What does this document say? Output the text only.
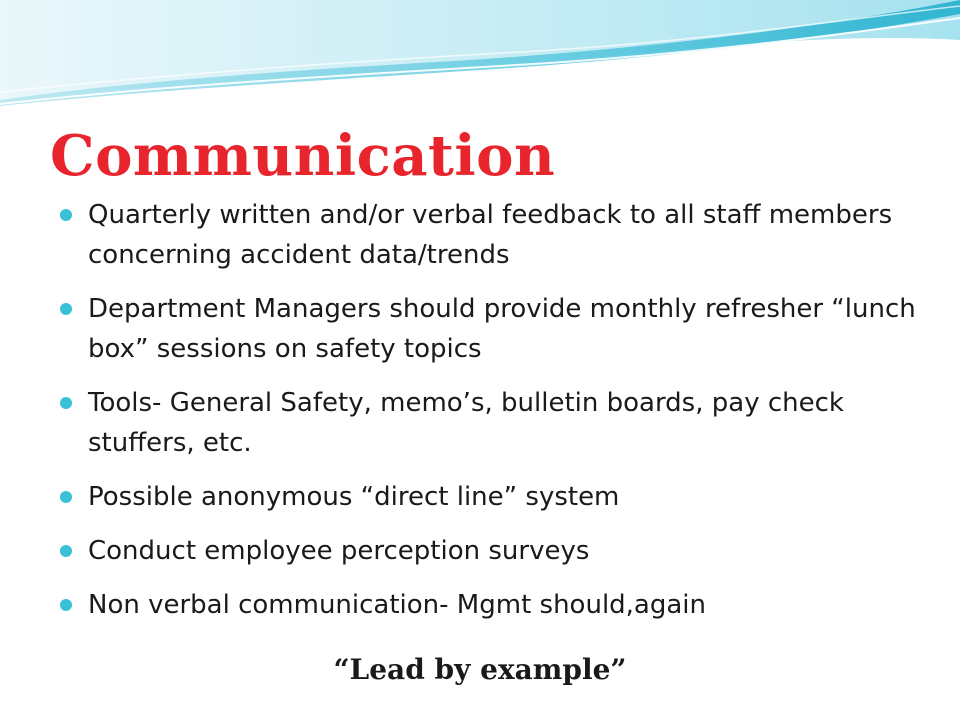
Communication
Quarterly written and/or verbal feedback to all staff members concerning accident data/trends
Department Managers should provide monthly refresher “lunch box” sessions on safety topics
Tools- General Safety, memo’s, bulletin boards, pay check stuffers, etc.
Possible anonymous “direct line” system
Conduct employee perception surveys
Non verbal communication- Mgmt should,again

“Lead by example”
